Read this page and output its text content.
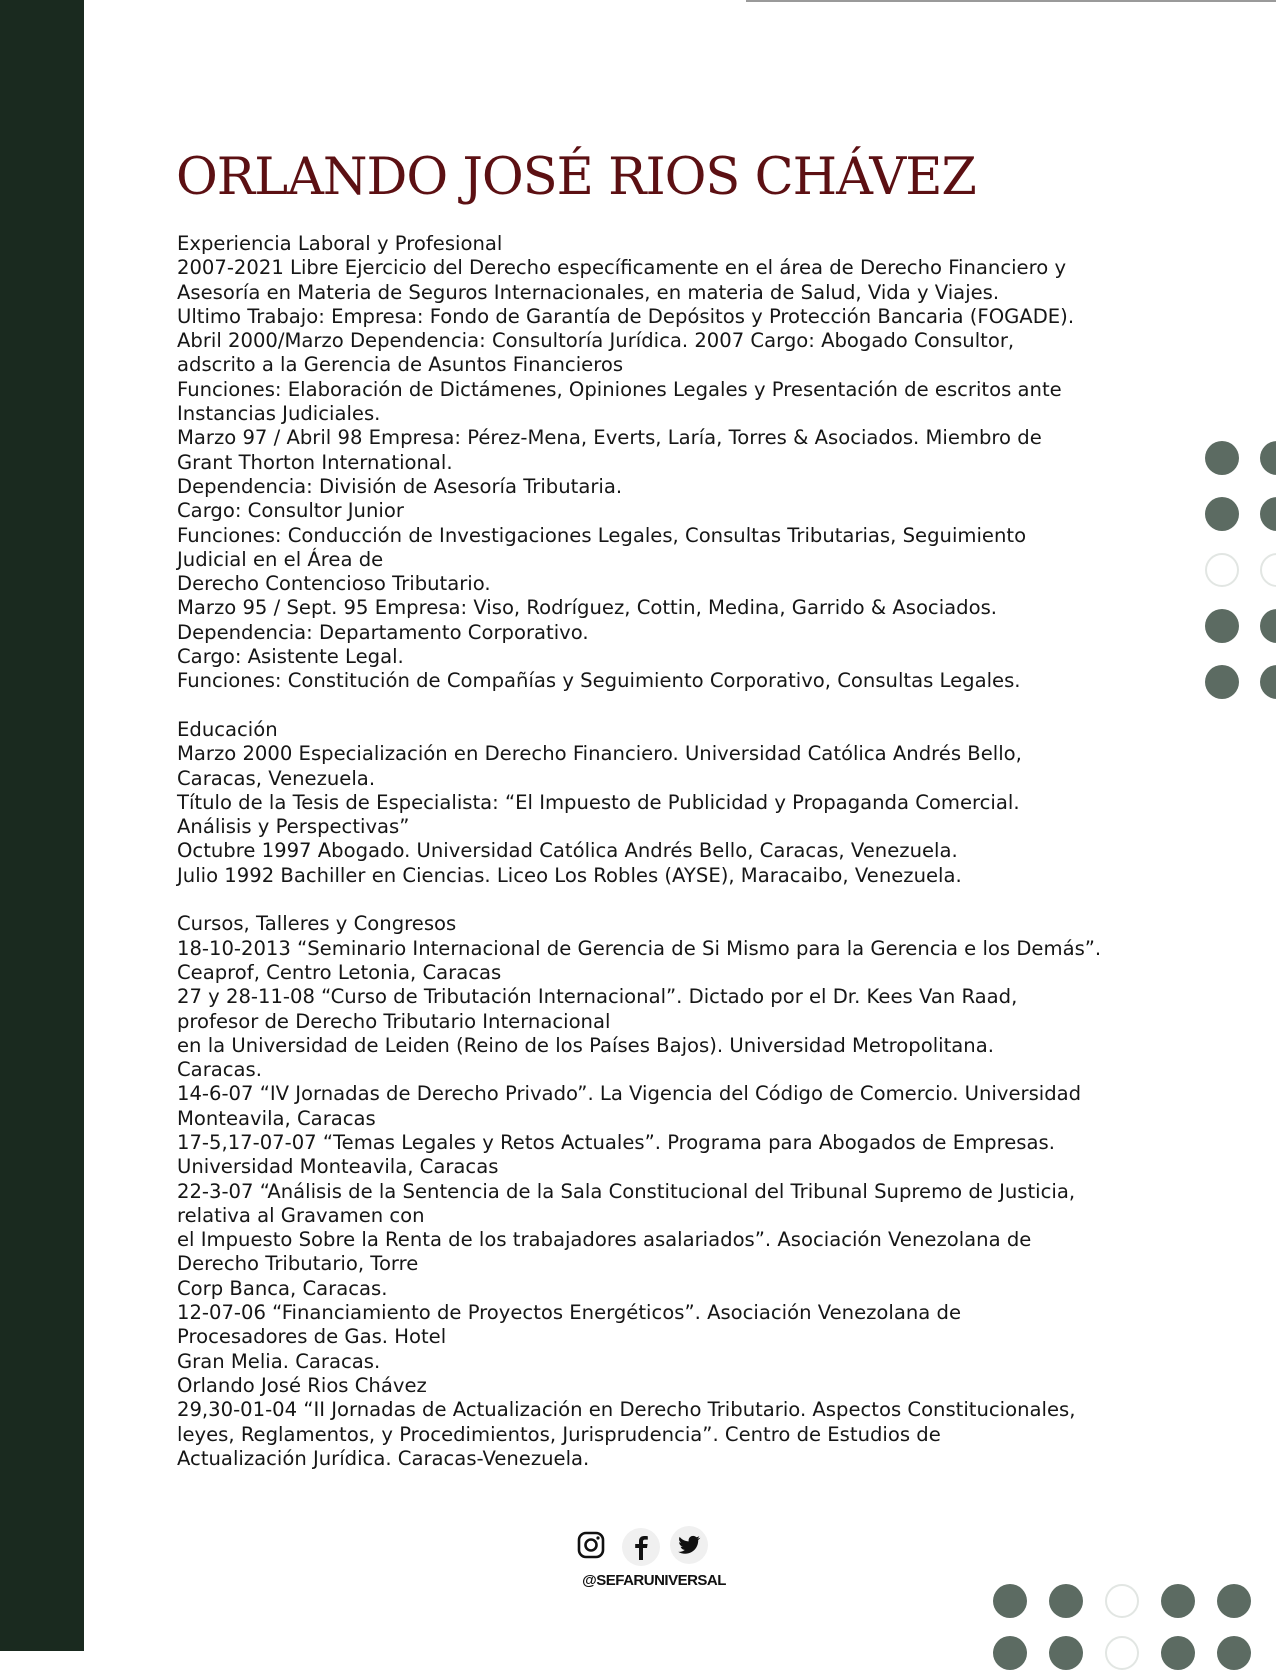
ORLANDO JOSÉ RIOS CHÁVEZ
Experiencia Laboral y Profesional
2007-2021 Libre Ejercicio del Derecho específicamente en el área de Derecho Financiero y
Asesoría en Materia de Seguros Internacionales, en materia de Salud, Vida y Viajes.
Ultimo Trabajo: Empresa: Fondo de Garantía de Depósitos y Protección Bancaria (FOGADE).
Abril 2000/Marzo Dependencia: Consultoría Jurídica. 2007 Cargo: Abogado Consultor,
adscrito a la Gerencia de Asuntos Financieros
Funciones: Elaboración de Dictámenes, Opiniones Legales y Presentación de escritos ante
Instancias Judiciales.
Marzo 97 / Abril 98 Empresa: Pérez-Mena, Everts, Laría, Torres & Asociados. Miembro de
Grant Thorton International.
Dependencia: División de Asesoría Tributaria.
Cargo: Consultor Junior
Funciones: Conducción de Investigaciones Legales, Consultas Tributarias, Seguimiento
Judicial en el Área de
Derecho Contencioso Tributario.
Marzo 95 / Sept. 95 Empresa: Viso, Rodríguez, Cottin, Medina, Garrido & Asociados.
Dependencia: Departamento Corporativo.
Cargo: Asistente Legal.
Funciones: Constitución de Compañías y Seguimiento Corporativo, Consultas Legales.
Educación
Marzo 2000 Especialización en Derecho Financiero. Universidad Católica Andrés Bello,
Caracas, Venezuela.
Título de la Tesis de Especialista: “El Impuesto de Publicidad y Propaganda Comercial.
Análisis y Perspectivas”
Octubre 1997 Abogado. Universidad Católica Andrés Bello, Caracas, Venezuela.
Julio 1992 Bachiller en Ciencias. Liceo Los Robles (AYSE), Maracaibo, Venezuela.
Cursos, Talleres y Congresos
18-10-2013 “Seminario Internacional de Gerencia de Si Mismo para la Gerencia e los Demás”.
Ceaprof, Centro Letonia, Caracas
27 y 28-11-08 “Curso de Tributación Internacional”. Dictado por el Dr. Kees Van Raad,
profesor de Derecho Tributario Internacional
en la Universidad de Leiden (Reino de los Países Bajos). Universidad Metropolitana.
Caracas.
14-6-07 “IV Jornadas de Derecho Privado”. La Vigencia del Código de Comercio. Universidad
Monteavila, Caracas
17-5,17-07-07 “Temas Legales y Retos Actuales”. Programa para Abogados de Empresas.
Universidad Monteavila, Caracas
22-3-07 “Análisis de la Sentencia de la Sala Constitucional del Tribunal Supremo de Justicia,
relativa al Gravamen con
el Impuesto Sobre la Renta de los trabajadores asalariados”. Asociación Venezolana de
Derecho Tributario, Torre
Corp Banca, Caracas.
12-07-06 “Financiamiento de Proyectos Energéticos”. Asociación Venezolana de
Procesadores de Gas. Hotel
Gran Melia. Caracas.
Orlando José Rios Chávez
29,30-01-04 “II Jornadas de Actualización en Derecho Tributario. Aspectos Constitucionales,
leyes, Reglamentos, y Procedimientos, Jurisprudencia”. Centro de Estudios de
Actualización Jurídica. Caracas-Venezuela.
@SEFARUNIVERSAL
